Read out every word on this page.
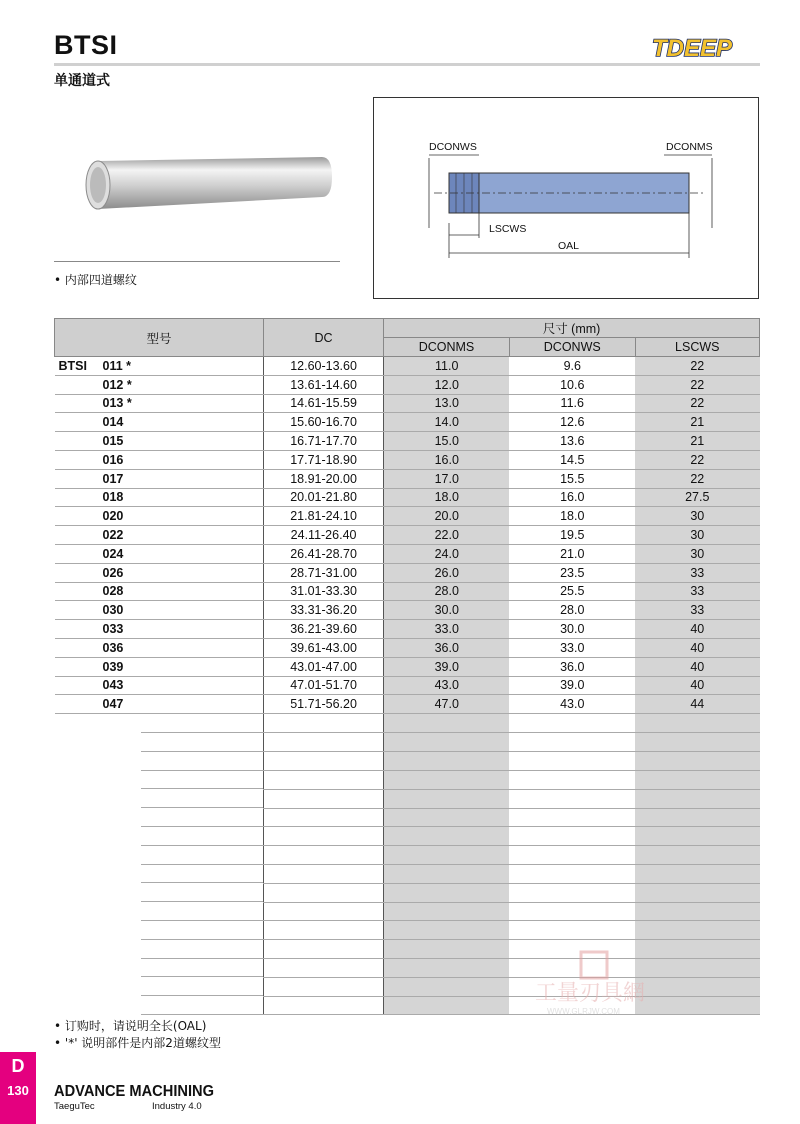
BTSI
单通道式
TDEEP
• 内部四道螺纹
DCONWS	DCONMS
LSCWS
OAL
型号	DC	尺寸 (mm)		
		DCONMS	DCONWS	LSCWS
BTSI 011 *	12.60-13.60	11.0	9.6	22
012 *	13.61-14.60	12.0	10.6	22
013 *	14.61-15.59	13.0	11.6	22
014	15.60-16.70	14.0	12.6	21
015	16.71-17.70	15.0	13.6	21
016	17.71-18.90	16.0	14.5	22
017	18.91-20.00	17.0	15.5	22
018	20.01-21.80	18.0	16.0	27.5
020	21.81-24.10	20.0	18.0	30
022	24.11-26.40	22.0	19.5	30
024	26.41-28.70	24.0	21.0	30
026	28.71-31.00	26.0	23.5	33
028	31.01-33.30	28.0	25.5	33
030	33.31-36.20	30.0	28.0	33
033	36.21-39.60	33.0	30.0	40
036	39.61-43.00	36.0	33.0	40
039	43.01-47.00	39.0	36.0	40
043	47.01-51.70	43.0	39.0	40
047	51.71-56.20	47.0	43.0	44

• 订购时，请说明全长(OAL)
• '*' 说明部件是内部2道螺纹型
工量刃具網
WWW.GLRJW.COM
D
130	ADVANCE MACHINING
TaeguTec	Industry 4.0
